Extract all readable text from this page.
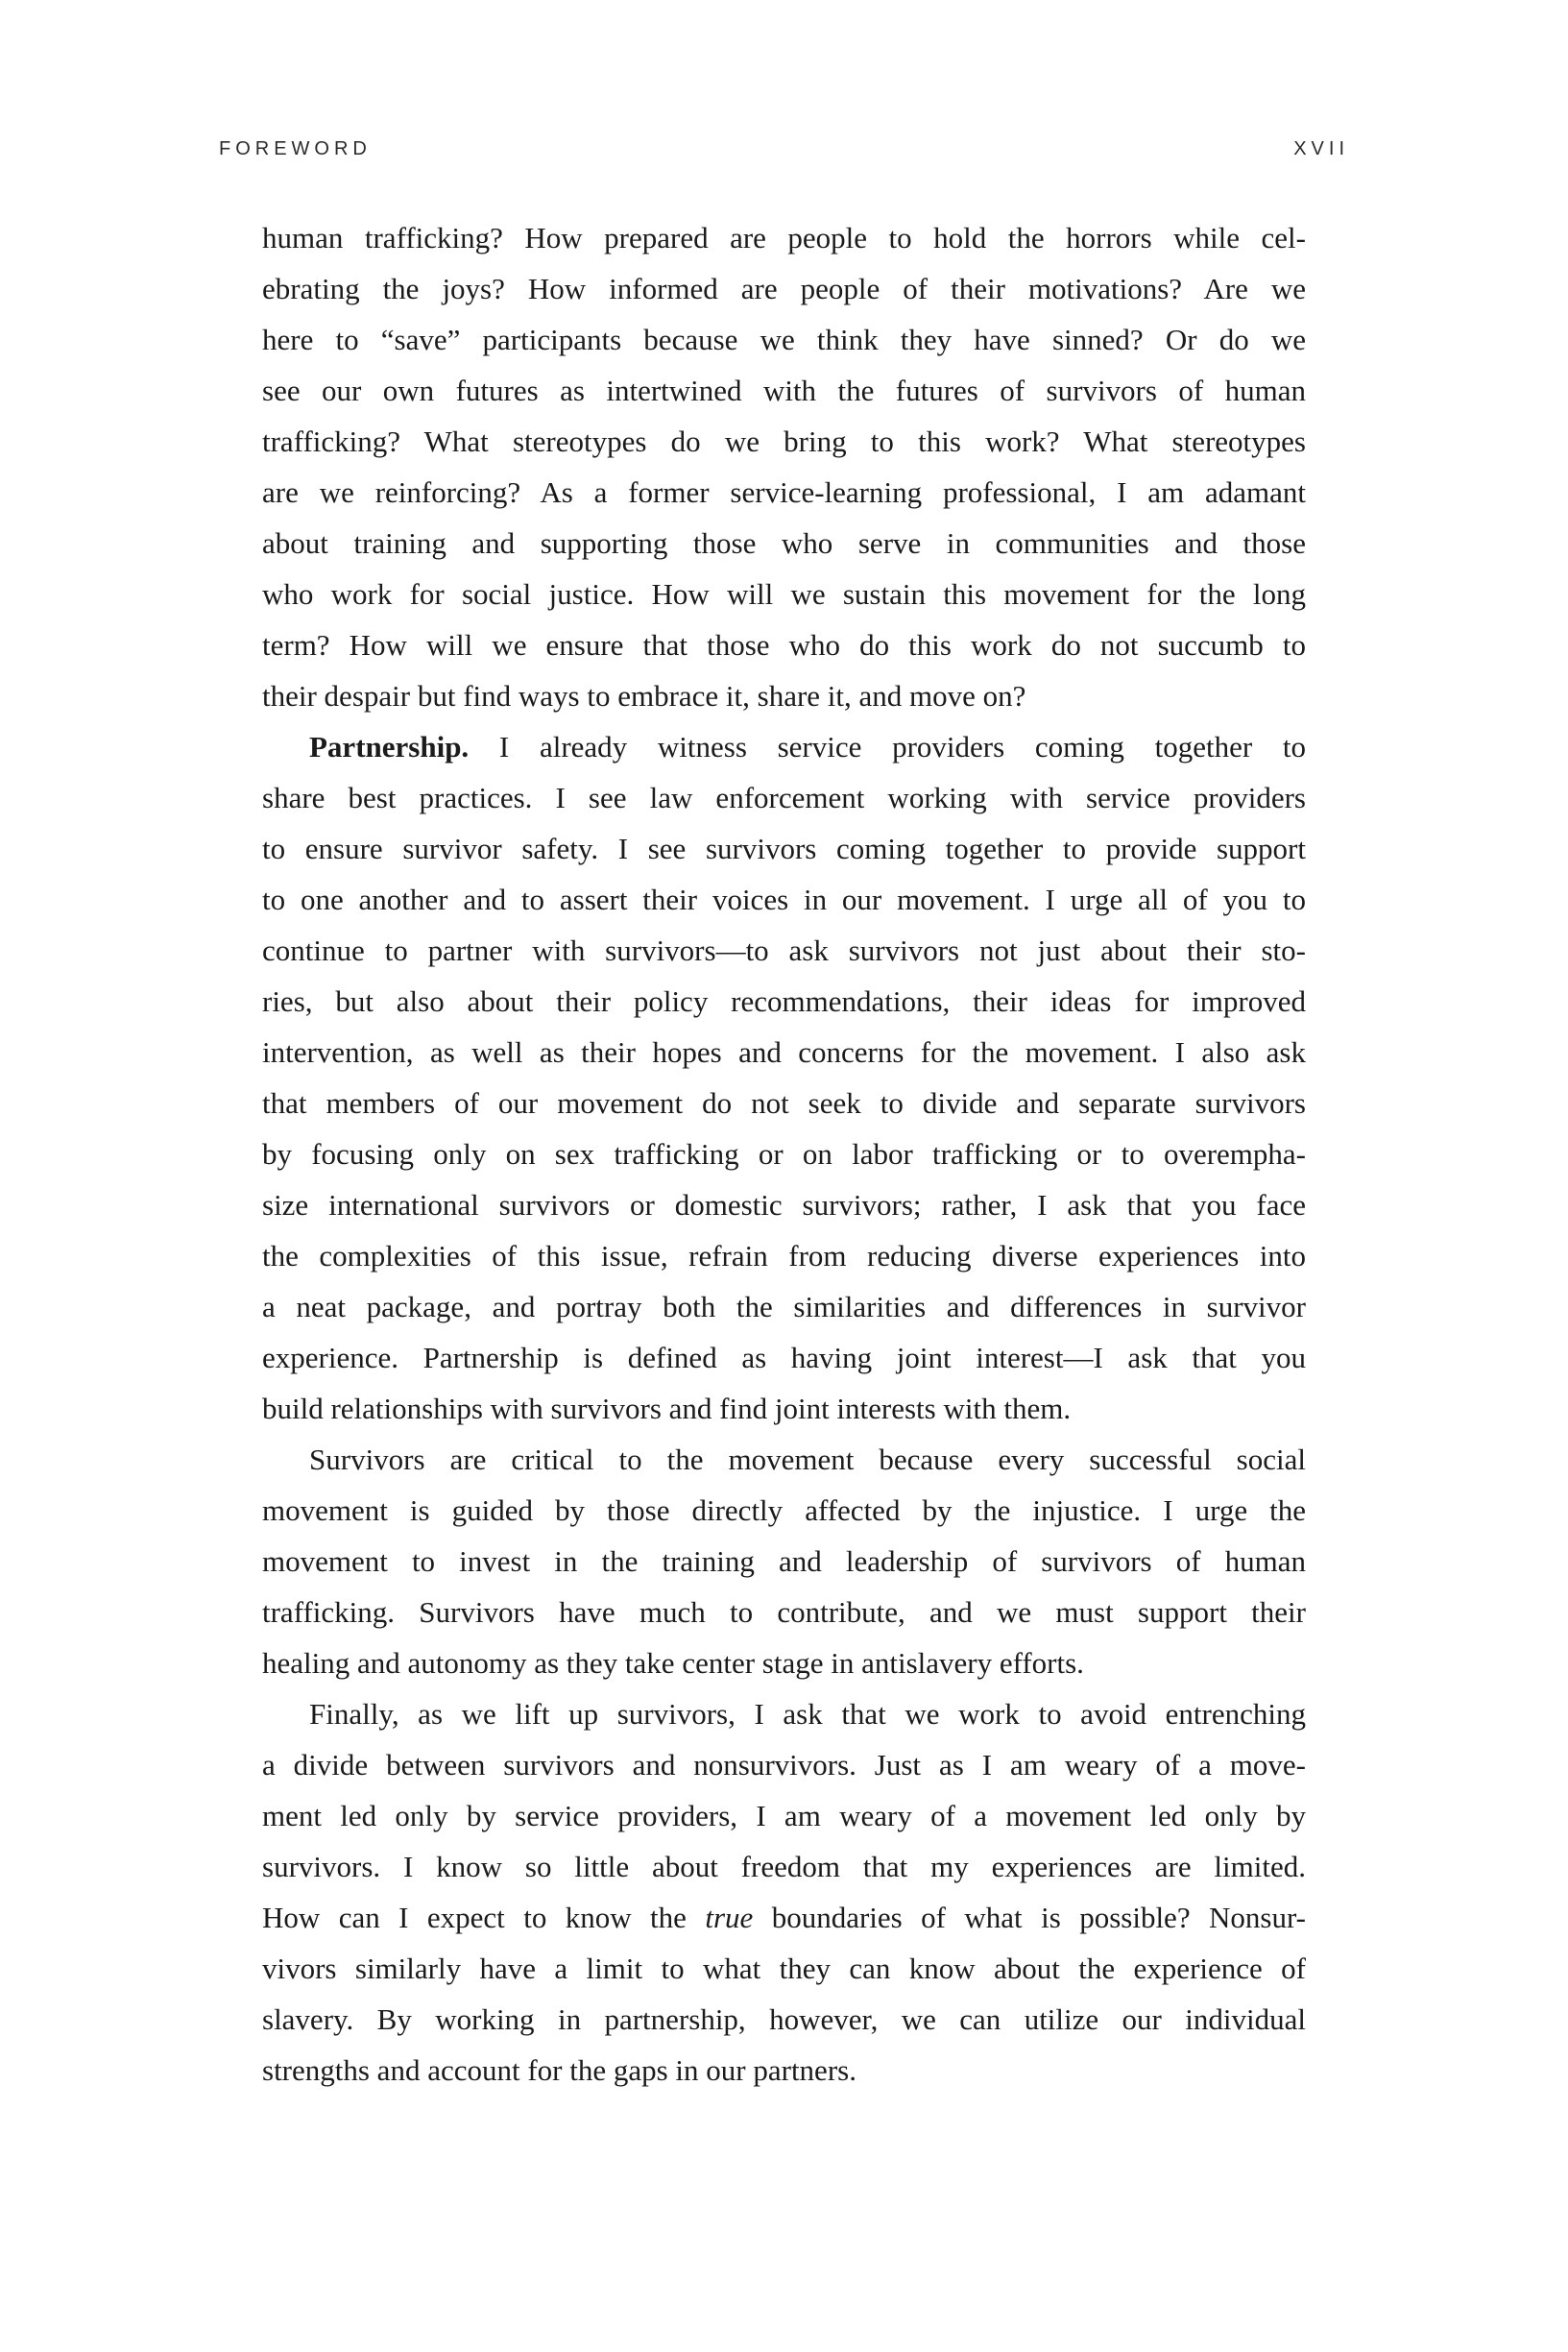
FOREWORD	XVII
human trafficking? How prepared are people to hold the horrors while cel-
ebrating the joys? How informed are people of their motivations? Are we
here to “save” participants because we think they have sinned? Or do we
see our own futures as intertwined with the futures of survivors of human
trafficking? What stereotypes do we bring to this work? What stereotypes
are we reinforcing? As a former service-learning professional, I am adamant
about training and supporting those who serve in communities and those
who work for social justice. How will we sustain this movement for the long
term? How will we ensure that those who do this work do not succumb to
their despair but find ways to embrace it, share it, and move on?
Partnership. I already witness service providers coming together to
share best practices. I see law enforcement working with service providers
to ensure survivor safety. I see survivors coming together to provide support
to one another and to assert their voices in our movement. I urge all of you to
continue to partner with survivors—to ask survivors not just about their sto-
ries, but also about their policy recommendations, their ideas for improved
intervention, as well as their hopes and concerns for the movement. I also ask
that members of our movement do not seek to divide and separate survivors
by focusing only on sex trafficking or on labor trafficking or to overempha-
size international survivors or domestic survivors; rather, I ask that you face
the complexities of this issue, refrain from reducing diverse experiences into
a neat package, and portray both the similarities and differences in survivor
experience. Partnership is defined as having joint interest—I ask that you
build relationships with survivors and find joint interests with them.
Survivors are critical to the movement because every successful social
movement is guided by those directly affected by the injustice. I urge the
movement to invest in the training and leadership of survivors of human
trafficking. Survivors have much to contribute, and we must support their
healing and autonomy as they take center stage in antislavery efforts.
Finally, as we lift up survivors, I ask that we work to avoid entrenching
a divide between survivors and nonsurvivors. Just as I am weary of a move-
ment led only by service providers, I am weary of a movement led only by
survivors. I know so little about freedom that my experiences are limited.
How can I expect to know the true boundaries of what is possible? Nonsur-
vivors similarly have a limit to what they can know about the experience of
slavery. By working in partnership, however, we can utilize our individual
strengths and account for the gaps in our partners.
